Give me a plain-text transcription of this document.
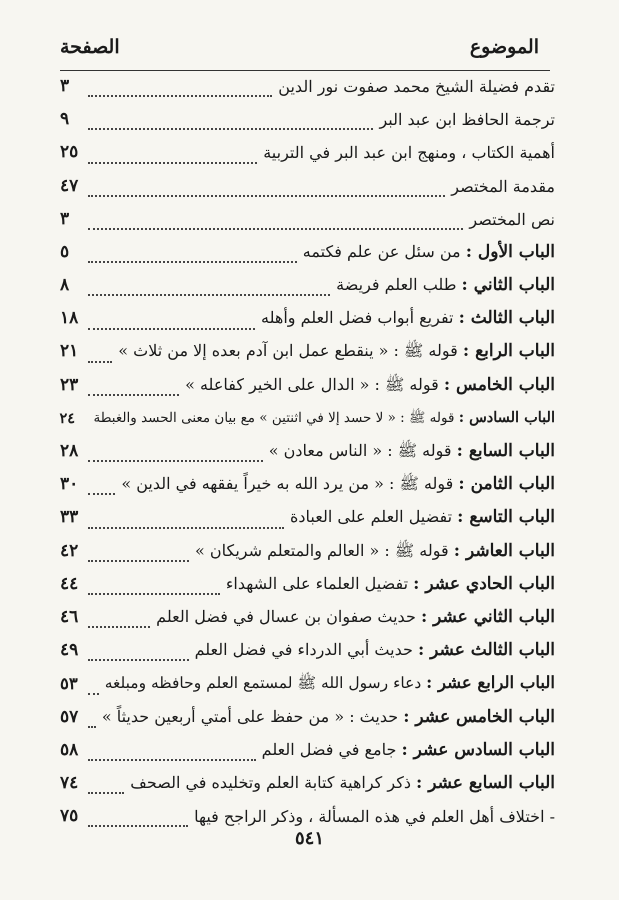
الموضوع
الصفحة
تقدم فضيلة الشيخ محمد صفوت نور الدين
٣
ترجمة الحافظ ابن عبد البر
٩
أهمية الكتاب ، ومنهج ابن عبد البر في التربية
٢٥
مقدمة المختصر
٤٧
نص المختصر
٣
الباب الأول : من سئل عن علم فكتمه
٥
الباب الثاني : طلب العلم فريضة
٨
الباب الثالث : تفريع أبواب فضل العلم وأهله
١٨
الباب الرابع : قوله ﷺ : « ينقطع عمل ابن آدم بعده إلا من ثلاث »
٢١
الباب الخامس : قوله ﷺ : « الدال على الخير كفاعله »
٢٣
الباب السادس : قوله ﷺ : « لا حسد إلا في اثنتين » مع بيان معنى الحسد والغبطة
٢٤
الباب السابع : قوله ﷺ : « الناس معادن »
٢٨
الباب الثامن : قوله ﷺ : « من يرد الله به خيراً يفقهه في الدين »
٣٠
الباب التاسع : تفضيل العلم على العبادة
٣٣
الباب العاشر : قوله ﷺ : « العالم والمتعلم شريكان »
٤٢
الباب الحادي عشر : تفضيل العلماء على الشهداء
٤٤
الباب الثاني عشر : حديث صفوان بن عسال في فضل العلم
٤٦
الباب الثالث عشر : حديث أبي الدرداء في فضل العلم
٤٩
الباب الرابع عشر : دعاء رسول الله ﷺ لمستمع العلم وحافظه ومبلغه
٥٣
الباب الخامس عشر : حديث : « من حفظ على أمتي أربعين حديثاً »
٥٧
الباب السادس عشر : جامع في فضل العلم
٥٨
الباب السابع عشر : ذكر كراهية كتابة العلم وتخليده في الصحف
٧٤
- اختلاف أهل العلم في هذه المسألة ، وذكر الراجح فيها
٧٥
٥٤١
